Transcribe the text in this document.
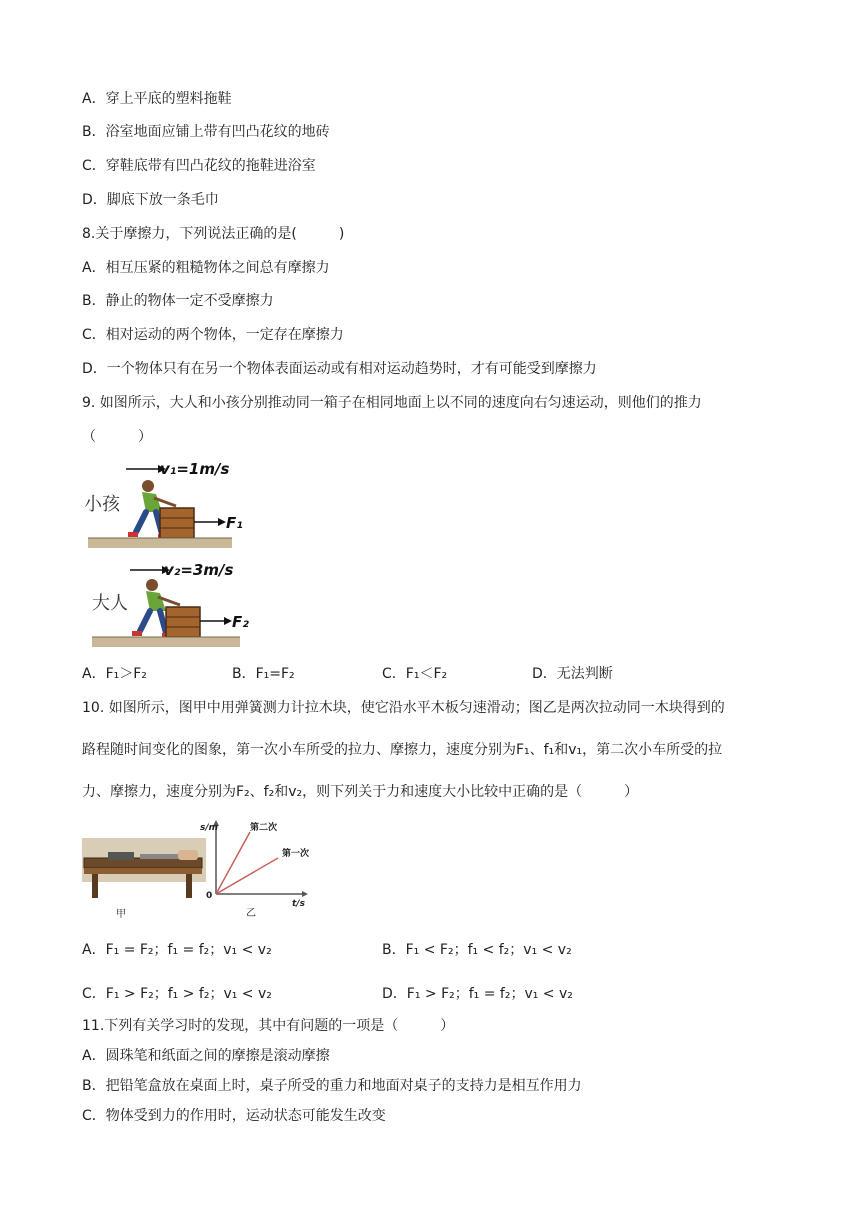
A．穿上平底的塑料拖鞋
B．浴室地面应铺上带有凹凸花纹的地砖
C．穿鞋底带有凹凸花纹的拖鞋进浴室
D．脚底下放一条毛巾
8.关于摩擦力，下列说法正确的是(　　　)
A．相互压紧的粗糙物体之间总有摩擦力
B．静止的物体一定不受摩擦力
C．相对运动的两个物体，一定存在摩擦力
D．一个物体只有在另一个物体表面运动或有相对运动趋势时，才有可能受到摩擦力
9. 如图所示，大人和小孩分别推动同一箱子在相同地面上以不同的速度向右匀速运动，则他们的推力
（　　　）
小孩
v₁=1m/s
F₁
大人
v₂=3m/s
F₂
A．F₁＞F₂	B．F₁=F₂	C．F₁＜F₂	D．无法判断
10. 如图所示，图甲中用弹簧测力计拉木块，使它沿水平木板匀速滑动；图乙是两次拉动同一木块得到的
路程随时间变化的图象，第一次小车所受的拉力、摩擦力，速度分别为F₁、f₁和v₁，第二次小车所受的拉
力、摩擦力，速度分别为F₂、f₂和v₂，则下列关于力和速度大小比较中正确的是（　　　）
甲
s/m
t/s
0
第二次
第一次
乙
A．F₁ = F₂；f₁ = f₂；v₁ < v₂	B．F₁ < F₂；f₁ < f₂；v₁ < v₂
C．F₁ > F₂；f₁ > f₂；v₁ < v₂	D．F₁ > F₂；f₁ = f₂；v₁ < v₂
11.下列有关学习时的发现，其中有问题的一项是（　　　）
A．圆珠笔和纸面之间的摩擦是滚动摩擦
B．把铅笔盒放在桌面上时，桌子所受的重力和地面对桌子的支持力是相互作用力
C．物体受到力的作用时，运动状态可能发生改变
